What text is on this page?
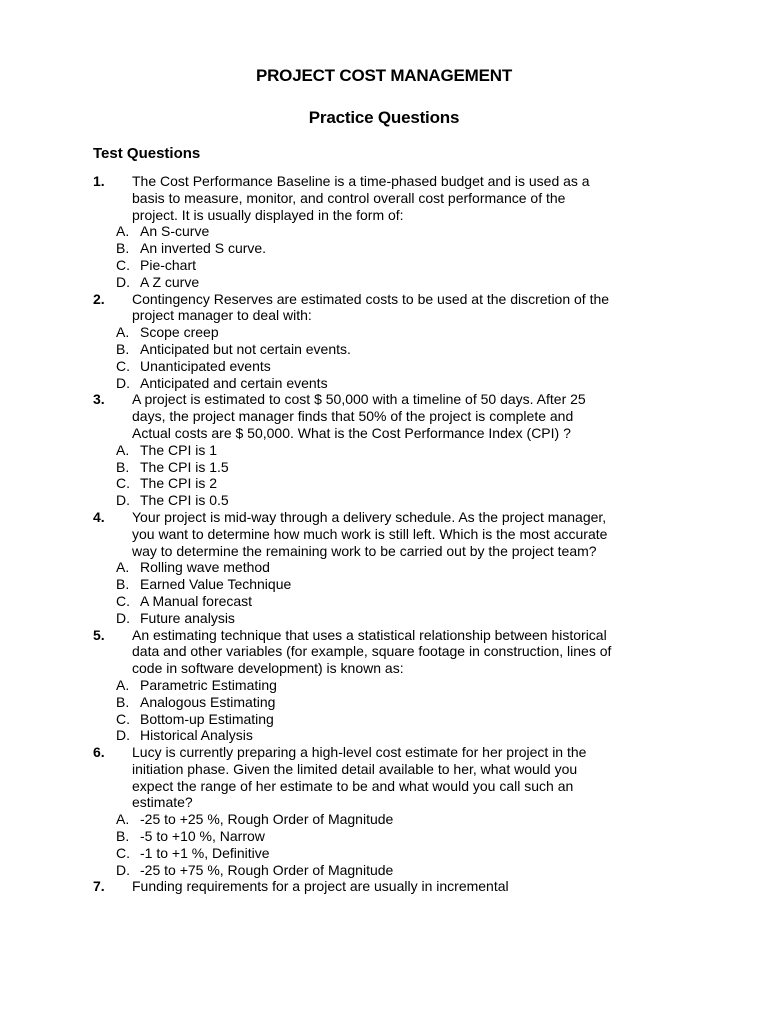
PROJECT COST MANAGEMENT
Practice Questions
Test Questions
1. The Cost Performance Baseline is a time-phased budget and is used as a basis to measure, monitor, and control overall cost performance of the project. It is usually displayed in the form of:
A. An S-curve
B. An inverted S curve.
C. Pie-chart
D. A Z curve
2. Contingency Reserves are estimated costs to be used at the discretion of the project manager to deal with:
A. Scope creep
B. Anticipated but not certain events.
C. Unanticipated events
D. Anticipated and certain events
3. A project is estimated to cost $ 50,000 with a timeline of 50 days. After 25 days, the project manager finds that 50% of the project is complete and Actual costs are $ 50,000. What is the Cost Performance Index (CPI) ?
A. The CPI is 1
B. The CPI is 1.5
C. The CPI is 2
D. The CPI is 0.5
4. Your project is mid-way through a delivery schedule. As the project manager, you want to determine how much work is still left. Which is the most accurate way to determine the remaining work to be carried out by the project team?
A. Rolling wave method
B. Earned Value Technique
C. A Manual forecast
D. Future analysis
5. An estimating technique that uses a statistical relationship between historical data and other variables (for example, square footage in construction, lines of code in software development) is known as:
A. Parametric Estimating
B. Analogous Estimating
C. Bottom-up Estimating
D. Historical Analysis
6. Lucy is currently preparing a high-level cost estimate for her project in the initiation phase. Given the limited detail available to her, what would you expect the range of her estimate to be and what would you call such an estimate?
A. -25 to +25 %, Rough Order of Magnitude
B. -5 to +10 %, Narrow
C. -1 to +1 %, Definitive
D. -25 to +75 %, Rough Order of Magnitude
7. Funding requirements for a project are usually in incremental
